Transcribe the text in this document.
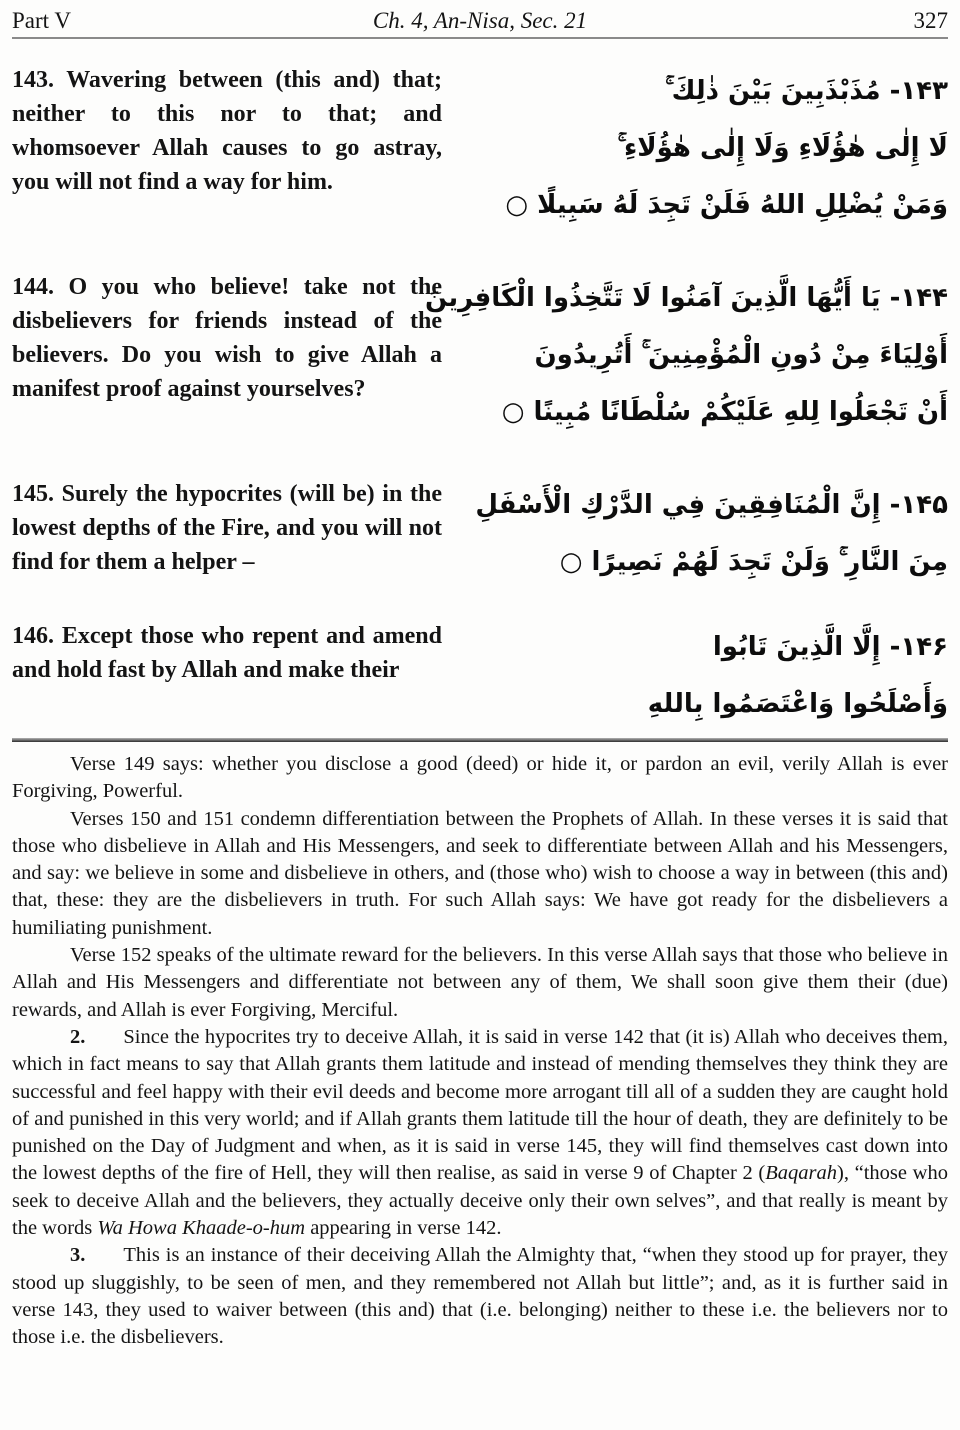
Part V	Ch. 4, An-Nisa, Sec. 21	327

143. Wavering between (this and) that; neither to this nor to that; and whomsoever Allah causes to go astray, you will not find a way for him.

۱۴۳- مُذَبْذَبِينَ بَيْنَ ذٰلِكَ ۚ
لَا إِلٰى هٰؤُلَاءِ وَلَا إِلٰى هٰؤُلَاءِ ۚ
وَمَنْ يُضْلِلِ اللهُ فَلَنْ تَجِدَ لَهُ سَبِيلًا ○

144. O you who believe! take not the disbelievers for friends instead of the believers. Do you wish to give Allah a manifest proof against yourselves?

۱۴۴- يَا أَيُّهَا الَّذِينَ آمَنُوا لَا تَتَّخِذُوا الْكَافِرِينَ
أَوْلِيَاءَ مِنْ دُونِ الْمُؤْمِنِينَ ۚ أَتُرِيدُونَ
أَنْ تَجْعَلُوا لِلهِ عَلَيْكُمْ سُلْطَانًا مُبِينًا ○

145. Surely the hypocrites (will be) in the lowest depths of the Fire, and you will not find for them a helper –

۱۴۵- إِنَّ الْمُنَافِقِينَ فِي الدَّرْكِ الْأَسْفَلِ
مِنَ النَّارِ ۚ وَلَنْ تَجِدَ لَهُمْ نَصِيرًا ○

146. Except those who repent and amend and hold fast by Allah and make their

۱۴۶- إِلَّا الَّذِينَ تَابُوا
وَأَصْلَحُوا وَاعْتَصَمُوا بِاللهِ

Verse 149 says: whether you disclose a good (deed) or hide it, or pardon an evil, verily Allah is ever Forgiving, Powerful.

Verses 150 and 151 condemn differentiation between the Prophets of Allah. In these verses it is said that those who disbelieve in Allah and His Messengers, and seek to differentiate between Allah and his Messengers, and say: we believe in some and disbelieve in others, and (those who) wish to choose a way in between (this and) that, these: they are the disbelievers in truth. For such Allah says: We have got ready for the disbelievers a humiliating punishment.

Verse 152 speaks of the ultimate reward for the believers. In this verse Allah says that those who believe in Allah and His Messengers and differentiate not between any of them, We shall soon give them their (due) rewards, and Allah is ever Forgiving, Merciful.

2. Since the hypocrites try to deceive Allah, it is said in verse 142 that (it is) Allah who deceives them, which in fact means to say that Allah grants them latitude and instead of mending themselves they think they are successful and feel happy with their evil deeds and become more arrogant till all of a sudden they are caught hold of and punished in this very world; and if Allah grants them latitude till the hour of death, they are definitely to be punished on the Day of Judgment and when, as it is said in verse 145, they will find themselves cast down into the lowest depths of the fire of Hell, they will then realise, as said in verse 9 of Chapter 2 (Baqarah), “those who seek to deceive Allah and the believers, they actually deceive only their own selves”, and that really is meant by the words Wa Howa Khaade-o-hum appearing in verse 142.

3. This is an instance of their deceiving Allah the Almighty that, “when they stood up for prayer, they stood up sluggishly, to be seen of men, and they remembered not Allah but little”; and, as it is further said in verse 143, they used to waiver between (this and) that (i.e. belonging) neither to these i.e. the believers nor to those i.e. the disbelievers.
